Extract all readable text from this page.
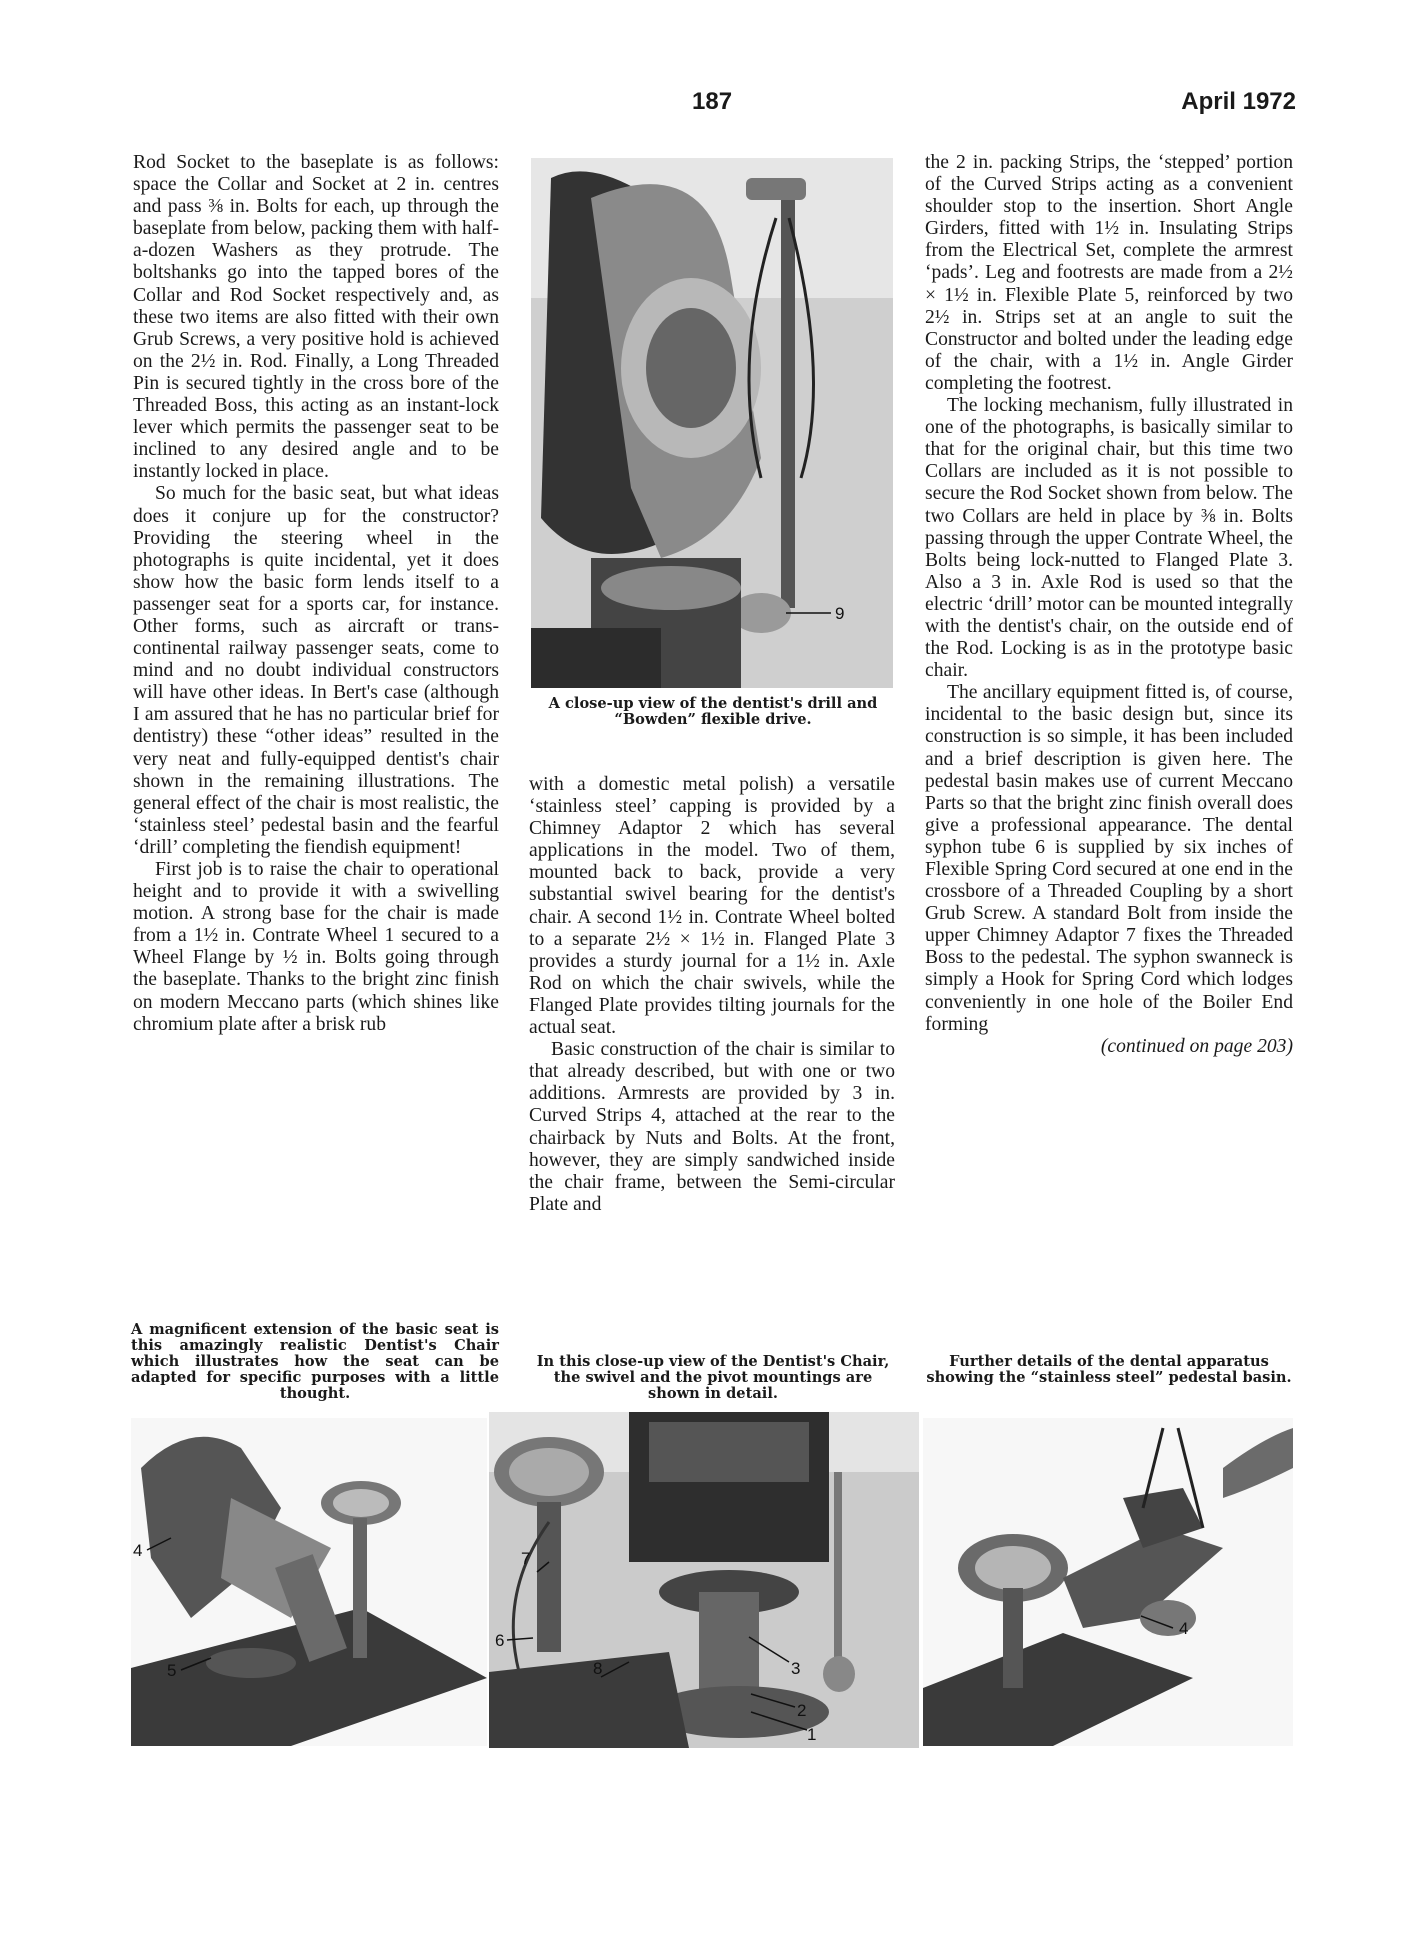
187	April 1972

Rod Socket to the baseplate is as follows: space the Collar and Socket at 2 in. centres and pass ⅜ in. Bolts for each, up through the baseplate from below, packing them with half-a-dozen Washers as they protrude. The boltshanks go into the tapped bores of the Collar and Rod Socket respectively and, as these two items are also fitted with their own Grub Screws, a very positive hold is achieved on the 2½ in. Rod. Finally, a Long Threaded Pin is secured tightly in the cross bore of the Threaded Boss, this acting as an instant-lock lever which permits the passenger seat to be inclined to any desired angle and to be instantly locked in place.

So much for the basic seat, but what ideas does it conjure up for the constructor? Providing the steering wheel in the photographs is quite incidental, yet it does show how the basic form lends itself to a passenger seat for a sports car, for instance. Other forms, such as aircraft or trans-continental railway passenger seats, come to mind and no doubt individual constructors will have other ideas. In Bert's case (although I am assured that he has no particular brief for dentistry) these “other ideas” resulted in the very neat and fully-equipped dentist's chair shown in the remaining illustrations. The general effect of the chair is most realistic, the ‘stainless steel’ pedestal basin and the fearful ‘drill’ completing the fiendish equipment!

First job is to raise the chair to operational height and to provide it with a swivelling motion. A strong base for the chair is made from a 1½ in. Contrate Wheel 1 secured to a Wheel Flange by ½ in. Bolts going through the baseplate. Thanks to the bright zinc finish on modern Meccano parts (which shines like chromium plate after a brisk rub

9
A close-up view of the dentist's drill and “Bowden” flexible drive.

with a domestic metal polish) a versatile ‘stainless steel’ capping is provided by a Chimney Adaptor 2 which has several applications in the model. Two of them, mounted back to back, provide a very substantial swivel bearing for the dentist's chair. A second 1½ in. Contrate Wheel bolted to a separate 2½ × 1½ in. Flanged Plate 3 provides a sturdy journal for a 1½ in. Axle Rod on which the chair swivels, while the Flanged Plate provides tilting journals for the actual seat.

Basic construction of the chair is similar to that already described, but with one or two additions. Armrests are provided by 3 in. Curved Strips 4, attached at the rear to the chairback by Nuts and Bolts. At the front, however, they are simply sandwiched inside the chair frame, between the Semi-circular Plate and

the 2 in. packing Strips, the ‘stepped’ portion of the Curved Strips acting as a convenient shoulder stop to the insertion. Short Angle Girders, fitted with 1½ in. Insulating Strips from the Electrical Set, complete the armrest ‘pads’. Leg and footrests are made from a 2½ × 1½ in. Flexible Plate 5, reinforced by two 2½ in. Strips set at an angle to suit the Constructor and bolted under the leading edge of the chair, with a 1½ in. Angle Girder completing the footrest.

The locking mechanism, fully illustrated in one of the photographs, is basically similar to that for the original chair, but this time two Collars are included as it is not possible to secure the Rod Socket shown from below. The two Collars are held in place by ⅜ in. Bolts passing through the upper Contrate Wheel, the Bolts being lock-nutted to Flanged Plate 3. Also a 3 in. Axle Rod is used so that the electric ‘drill’ motor can be mounted integrally with the dentist's chair, on the outside end of the Rod. Locking is as in the prototype basic chair.

The ancillary equipment fitted is, of course, incidental to the basic design but, since its construction is so simple, it has been included and a brief description is given here. The pedestal basin makes use of current Meccano Parts so that the bright zinc finish overall does give a professional appearance. The dental syphon tube 6 is supplied by six inches of Flexible Spring Cord secured at one end in the crossbore of a Threaded Coupling by a short Grub Screw. A standard Bolt from inside the upper Chimney Adaptor 7 fixes the Threaded Boss to the pedestal. The syphon swanneck is simply a Hook for Spring Cord which lodges conveniently in one hole of the Boiler End forming

(continued on page 203)

A magnificent extension of the basic seat is this amazingly realistic Dentist's Chair which illustrates how the seat can be adapted for specific purposes with a little thought.
In this close-up view of the Dentist's Chair, the swivel and the pivot mountings are shown in detail.
Further details of the dental apparatus showing the “stainless steel” pedestal basin.
4
5
7
6
8	3
2
1
4
